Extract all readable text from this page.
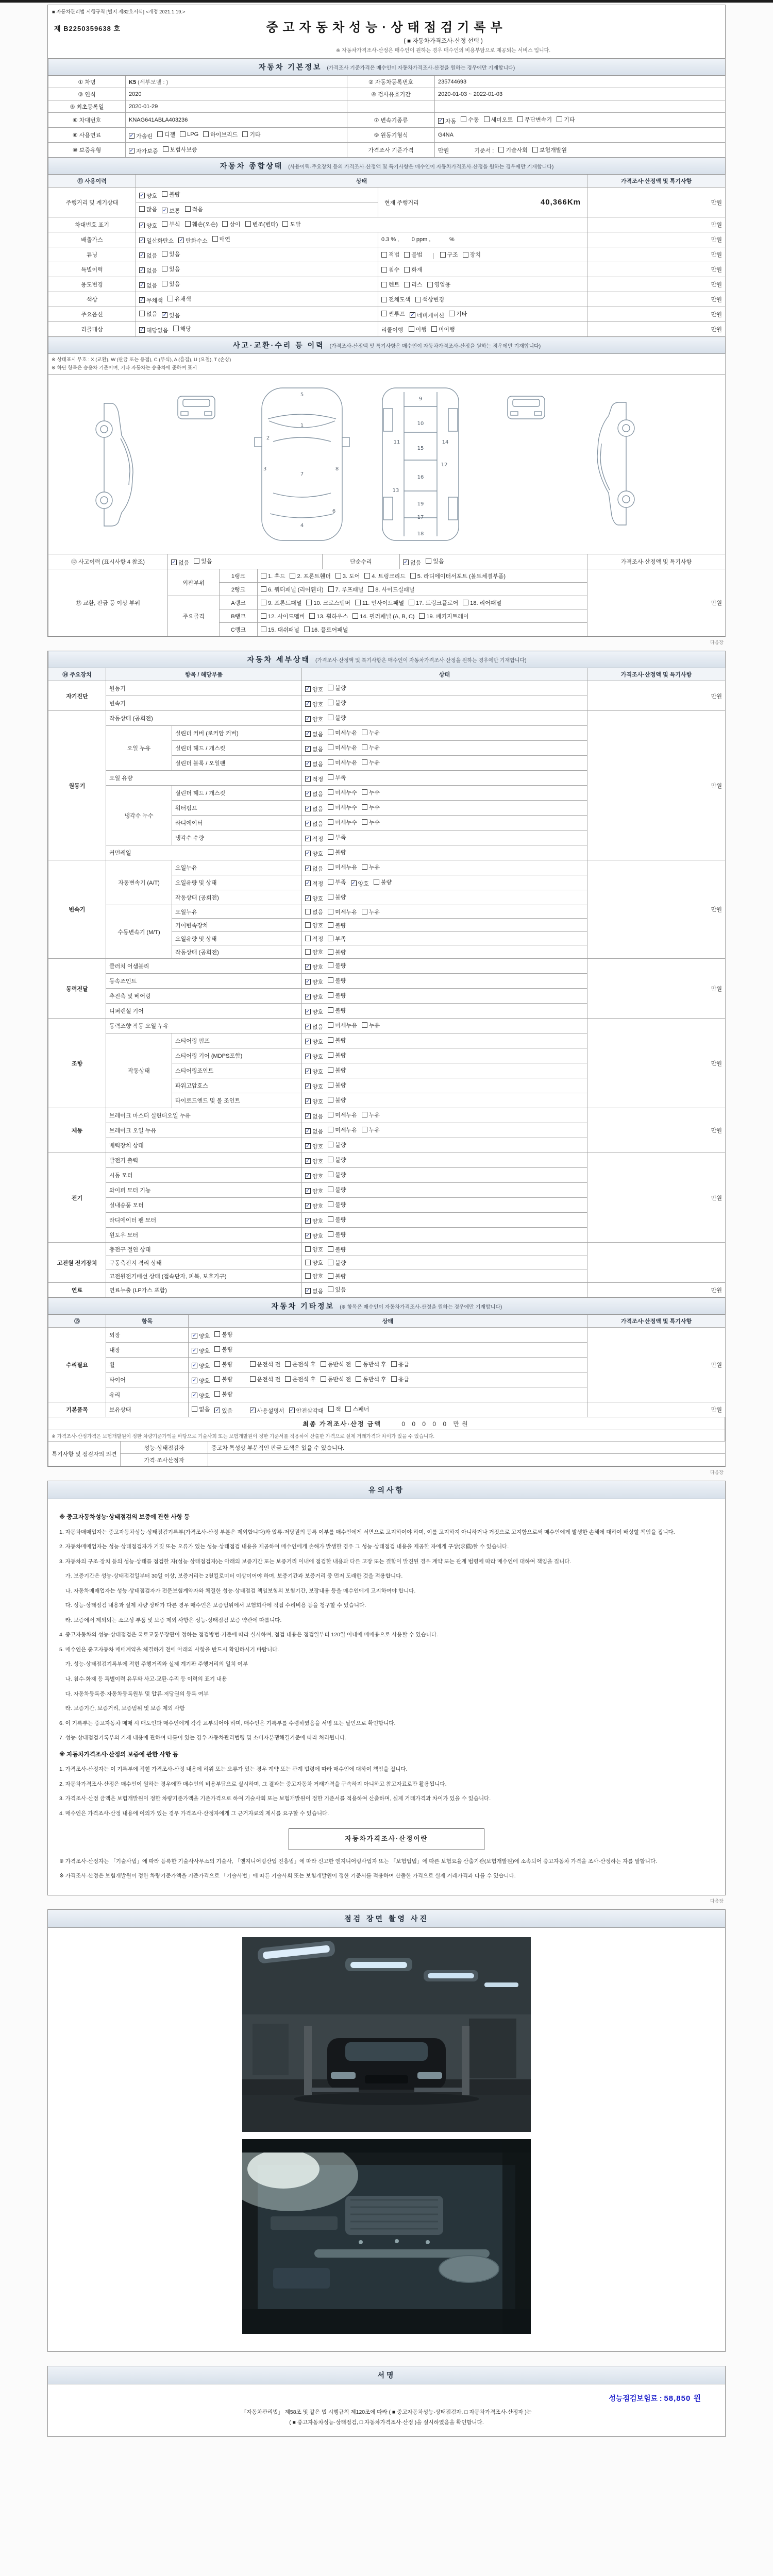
■ 자동차관리법 시행규칙 [별지 제82호서식] <개정 2021.1.19.>
제 B2250359638 호	중고자동차성능·상태점검기록부
( ■ 자동차가격조사·산정 선택 )
※ 자동차가격조사·산정은 매수인이 원하는 경우 매수인의 비용부담으로 제공되는 서비스 입니다.
자동차 기본정보 (가격조사 기준가격은 매수인이 자동차가격조사·산정을 원하는 경우에만 기재합니다)			
① 차명	K5 (세부모델 : )	② 자동차등록번호	235744693
③ 연식	2020	④ 검사유효기간	2020-01-03 ~ 2022-01-03
⑤ 최초등록일	2020-01-29		
⑥ 차대번호	KNAG641ABLA403236	⑦ 변속기종류	✓ 자동 수동 세미오토 무단변속기 기타

⑧ 사용연료	✓ 가솔린 디젤 LPG 하이브리드 기타	⑨ 원동기형식	G4NA
⑩ 보증유형	✓ 자가보증 보험사보증	가격조사 기준가격	만원 기준서 : 기술사회 보험개발원
자동차 종합상태 (사용이력·주요장치 등의 가격조사·산정액 및 특기사항은 매수인이 자동차가격조사·산정을 원하는 경우에만 기재합니다)			
⑪ 사용이력	상태		가격조사·산정액 및 특기사항
주행거리 및 계기상태	✓ 양호 불량	현재 주행거리 40,366Km	만원

	많음 ✓ 보통 적음		

차대번호 표기	✓ 양호 부식 훼손(오손) 상이 변조(변타) 도말	만원
배출가스	✓ 일산화탄소 ✓ 탄화수소 매연	0.3 % ,        0 ppm ,            %	만원
튜닝	✓ 없음 있음	적법 불법 구조 장치	만원
특별이력	✓ 없음 있음	침수 화재	만원
용도변경	✓ 없음 있음	렌트 리스 영업용	만원
색상	✓ 무채색 유채색	전체도색 색상변경	만원
주요옵션	없음 ✓ 있음	썬루프 ✓ 네비게이션 기타	만원
리콜대상	✓ 해당없음 해당	리콜이행 이행 미이행	만원
사고·교환·수리 등 이력 (가격조사·산정액 및 특기사항은 매수인이 자동차가격조사·산정을 원하는 경우에만 기재합니다)

※ 상태표시 부호 : X (교환), W (판금 또는 용접), C (부식), A (흠집), U (요철), T (손상)
※ 하단 항목은 승용차 기준이며, 기타 자동차는 승용차에 준하여 표시

5
1
2
3
7
8
6
4
9
10
11	14
15
12
16
13
19
17
18

⑫ 사고이력 (표시사항 4 참조)	✓ 없음 있음	단순수리	✓ 없음 있음	가격조사·산정액 및 특기사항
⑬ 교환, 판금 등 이상 부위	외판부위	1랭크	1. 후드 2. 프론트휀더 3. 도어 4. 트렁크리드 5. 라디에이터서포트 (볼트체결부품)	만원
		2랭크	6. 쿼터패널 (리어휀더) 7. 루프패널 8. 사이드실패널	

	주요골격	A랭크	9. 프론트패널 10. 크로스멤버 11. 인사이드패널 17. 트렁크플로어 18. 리어패널	

		B랭크	12. 사이드멤버 13. 휠하우스 14. 필러패널 (A, B, C) 19. 패키지트레이	

		C랭크	15. 대쉬패널 16. 플로어패널	
다음장
자동차 세부상태 (가격조사·산정액 및 특기사항은 매수인이 자동차가격조사·산정을 원하는 경우에만 기재합니다)				
⑭ 주요장치	항목 / 해당부품		상태	가격조사·산정액 및 특기사항
자기진단	원동기		✓ 양호 불량	만원
	변속기		✓ 양호 불량	

원동기	작동상태 (공회전)		✓ 양호 불량	만원
	오일 누유	실린더 커버 (로커암 커버)	✓ 없음 미세누유 누유	

		실린더 헤드 / 개스킷	✓ 없음 미세누유 누유	

		실린더 블록 / 오일팬	✓ 없음 미세누유 누유	

	오일 유량		✓ 적정 부족	

	냉각수 누수	실린더 헤드 / 개스킷	✓ 없음 미세누수 누수	

		워터펌프	✓ 없음 미세누수 누수	

		라디에이터	✓ 없음 미세누수 누수	

		냉각수 수량	✓ 적정 부족	

	커먼레일		✓ 양호 불량	

변속기	자동변속기 (A/T)	오일누유	✓ 없음 미세누유 누유	만원
오일유량 및 상태	✓ 적정 부족 ✓ 양호 불량

		작동상태 (공회전)	✓ 양호 불량	

	수동변속기 (M/T)	오일누유	없음 미세누유 누유	

		기어변속장치	양호 불량	

		오일유량 및 상태	적정 부족	

		작동상태 (공회전)	양호 불량	

동력전달	클러치 어셈블리		✓ 양호 불량	만원
	등속조인트		✓ 양호 불량	

	추진축 및 베어링		✓ 양호 불량	

	디퍼렌셜 기어		✓ 양호 불량	

조향	동력조향 작동 오일 누유		✓ 없음 미세누유 누유	만원
	작동상태	스티어링 펌프	✓ 양호 불량	

		스티어링 기어 (MDPS포함)	✓ 양호 불량	

		스티어링조인트	✓ 양호 불량	

		파워고압호스	✓ 양호 불량	

		타이로드엔드 및 볼 조인트	✓ 양호 불량	

제동	브레이크 마스터 실린더오일 누유		✓ 없음 미세누유 누유	만원
	브레이크 오일 누유		✓ 없음 미세누유 누유	

	배력장치 상태		✓ 양호 불량	

전기	발전기 출력		✓ 양호 불량	만원
	시동 모터		✓ 양호 불량	

	와이퍼 모터 기능		✓ 양호 불량	

	실내송풍 모터		✓ 양호 불량	

	라디에이터 팬 모터		✓ 양호 불량	

	윈도우 모터		✓ 양호 불량	

고전원 전기장치	충전구 절연 상태		양호 불량	

	구동축전지 격리 상태		양호 불량	

	고전원전기배선 상태 (접속단자, 피복, 보호기구)		양호 불량	

연료	연료누출 (LP가스 포함)		✓ 없음 있음	만원
자동차 기타정보 (※ 항목은 매수인이 자동차가격조사·산정을 원하는 경우에만 기재합니다)			
⑮	항목	상태	가격조사·산정액 및 특기사항
수리필요	외장	✓ 양호 불량	만원
	내장	✓ 양호 불량	

휠	✓ 양호 불량	운전석 전 운전석 후 동반석 전 동반석 후 응급

타이어	✓ 양호 불량	운전석 전 운전석 후 동반석 전 동반석 후 응급

	유리	✓ 양호 불량	

기본품목	보유상태	없음 ✓ 있음	✓ 사용설명서 ✓ 안전삼각대 잭 스패너	만원
최종 가격조사·산정 금액	0 0 0 0 0 만원
※ 가격조사·산정가격은 보험개발원이 정한 차량기준가액을 바탕으로 기술사회 또는 보험개발원이 정한 기준서를 적용하여 산출한 가격으로 실제 거래가격과 차이가 있을 수 있습니다.
특기사항 및 점검자의 의견	성능·상태점검자	중고차 특성상 부분적인 판금 도색은 있을 수 있습니다.
	가격·조사산정자	
다음장
유의사항
※ 중고자동차성능·상태점검의 보증에 관한 사항 등
1. 자동차매매업자는 중고자동차성능·상태점검기록부(가격조사·산정 부분은 제외합니다)와 압류·저당권의 등록 여부를 매수인에게 서면으로 고지하여야 하며, 이를 고지하지 아니하거나 거짓으로 고지함으로써 매수인에게 발생한 손해에 대하여 배상할 책임을 집니다.
2. 자동차매매업자는 성능·상태점검자가 거짓 또는 오류가 있는 성능·상태점검 내용을 제공하여 매수인에게 손해가 발생한 경우 그 성능·상태점검 내용을 제공한 자에게 구상(求償)할 수 있습니다.
3. 자동차의 구조·장치 등의 성능·상태를 점검한 자(성능·상태점검자)는 아래의 보증기간 또는 보증거리 이내에 점검한 내용과 다른 고장 또는 결함이 발견된 경우 계약 또는 관계 법령에 따라 매수인에 대하여 책임을 집니다.
가. 보증기간은 성능·상태점검일부터 30일 이상, 보증거리는 2천킬로미터 이상이어야 하며, 보증기간과 보증거리 중 먼저 도래한 것을 적용합니다.
나. 자동차매매업자는 성능·상태점검자가 전문보험계약자와 체결한 성능·상태점검 책임보험의 보험기간, 보장내용 등을 매수인에게 고지하여야 합니다.
다. 성능·상태점검 내용과 실제 차량 상태가 다른 경우 매수인은 보증범위에서 보험회사에 직접 수리비용 등을 청구할 수 있습니다.
라. 보증에서 제외되는 소모성 부품 및 보증 제외 사항은 성능·상태점검 보증 약관에 따릅니다.
4. 중고자동차의 성능·상태점검은 국토교통부장관이 정하는 점검방법·기준에 따라 실시하며, 점검 내용은 점검일부터 120일 이내에 매매용으로 사용할 수 있습니다.
5. 매수인은 중고자동차 매매계약을 체결하기 전에 아래의 사항을 반드시 확인하시기 바랍니다.
가. 성능·상태점검기록부에 적힌 주행거리와 실제 계기판 주행거리의 일치 여부
나. 침수·화재 등 특별이력 유무와 사고·교환·수리 등 이력의 표기 내용
다. 자동차등록증·자동차등록원부 및 압류·저당권의 등록 여부
라. 보증기간, 보증거리, 보증범위 및 보증 제외 사항
6. 이 기록부는 중고자동차 매매 시 매도인과 매수인에게 각각 교부되어야 하며, 매수인은 기록부를 수령하였음을 서명 또는 날인으로 확인합니다.
7. 성능·상태점검기록부의 기재 내용에 관하여 다툼이 있는 경우 자동차관리법령 및 소비자분쟁해결기준에 따라 처리됩니다.
※ 자동차가격조사·산정의 보증에 관한 사항 등
1. 가격조사·산정자는 이 기록부에 적힌 가격조사·산정 내용에 허위 또는 오류가 있는 경우 계약 또는 관계 법령에 따라 매수인에 대하여 책임을 집니다.
2. 자동차가격조사·산정은 매수인이 원하는 경우에만 매수인의 비용부담으로 실시하며, 그 결과는 중고자동차 거래가격을 구속하지 아니하고 참고자료로만 활용됩니다.
3. 가격조사·산정 금액은 보험개발원이 정한 차량기준가액을 기준가격으로 하여 기술사회 또는 보험개발원이 정한 기준서를 적용하여 산출하며, 실제 거래가격과 차이가 있을 수 있습니다.
4. 매수인은 가격조사·산정 내용에 이의가 있는 경우 가격조사·산정자에게 그 근거자료의 제시를 요구할 수 있습니다.
자동차가격조사·산정이란
※ 가격조사·산정자는 「기술사법」에 따라 등록한 기술사사무소의 기술사, 「엔지니어링산업 진흥법」에 따라 신고한 엔지니어링사업자 또는 「보험업법」에 따른 보험요율 산출기관(보험개발원)에 소속되어 중고자동차 가격을 조사·산정하는 자를 말합니다.
※ 가격조사·산정은 보험개발원이 정한 차량기준가액을 기준가격으로 「기술사법」에 따른 기술사회 또는 보험개발원이 정한 기준서를 적용하여 산출한 가격으로 실제 거래가격과 다를 수 있습니다.
다음장
점검 장면 촬영 사진
서명
성능점검보험료 : 58,850 원
「자동차관리법」 제58조 및 같은 법 시행규칙 제120조에 따라 ( ■ 중고자동차성능·상태점검자, □ 자동차가격조사·산정자 )는
( ■ 중고자동차성능·상태점검, □ 자동차가격조사·산정 )을 실시하였음을 확인합니다.
